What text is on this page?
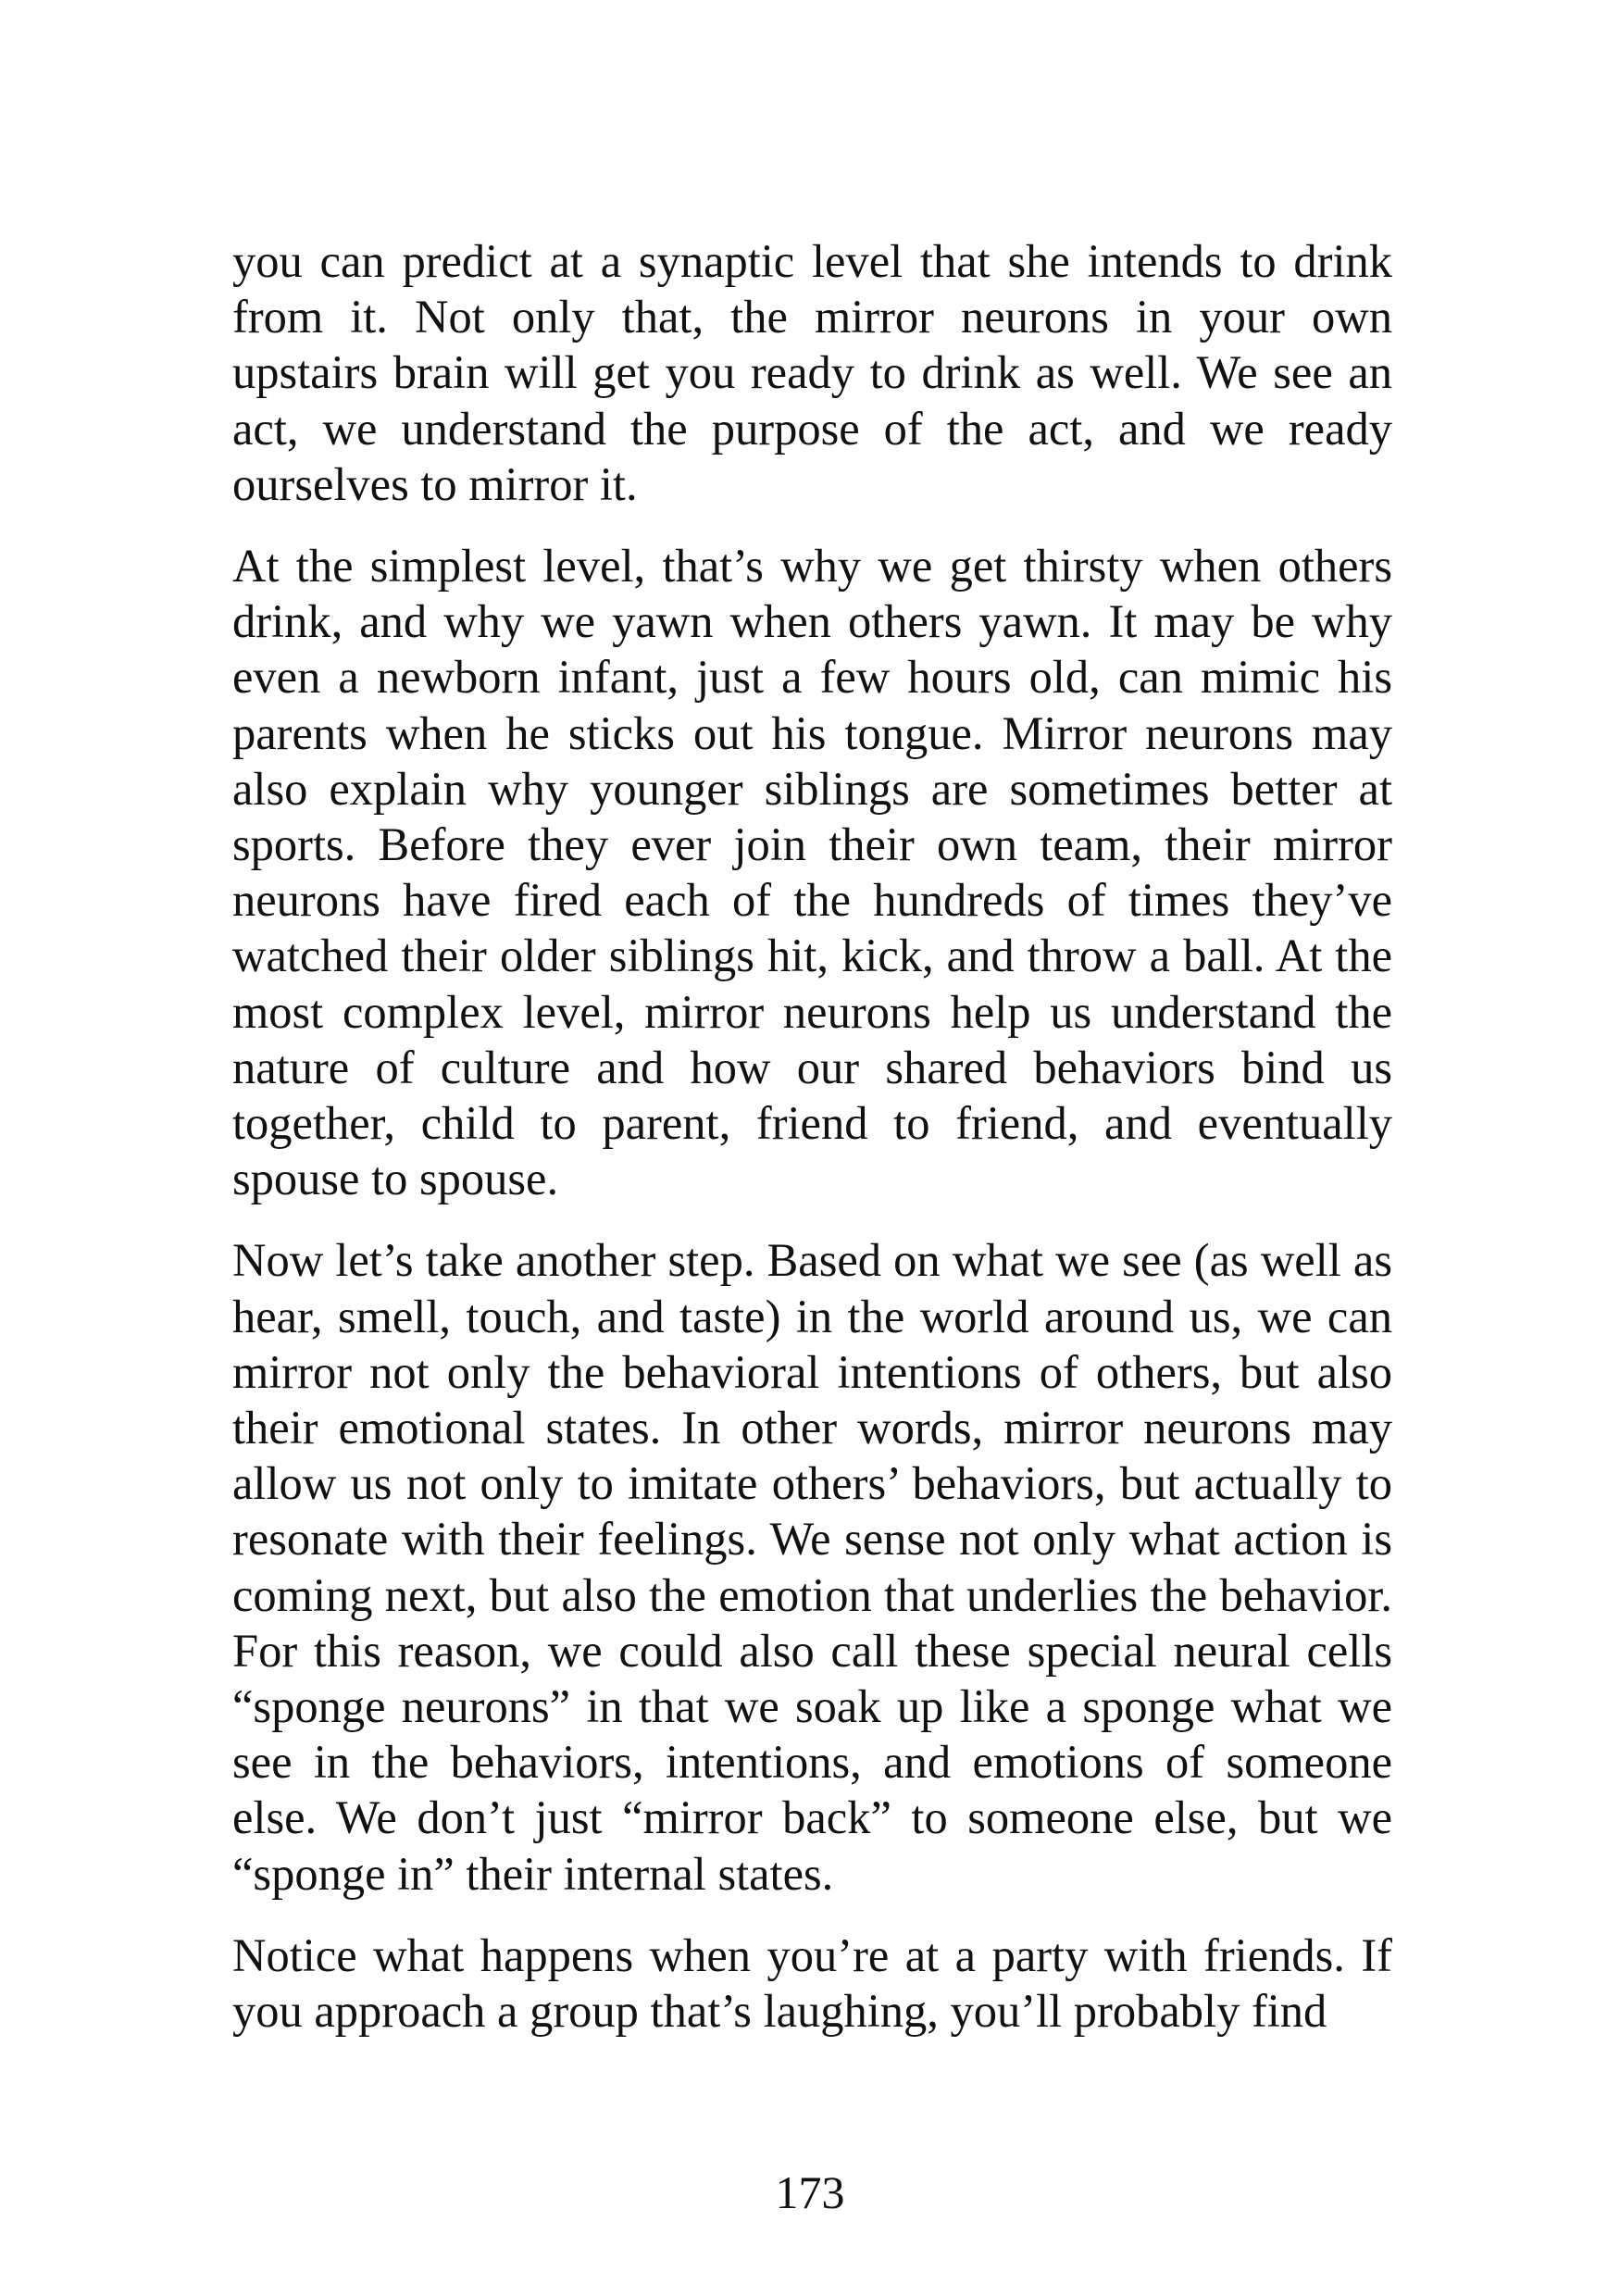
you can predict at a synaptic level that she intends to drink from it. Not only that, the mirror neurons in your own upstairs brain will get you ready to drink as well. We see an act, we understand the purpose of the act, and we ready ourselves to mirror it.

At the simplest level, that’s why we get thirsty when others drink, and why we yawn when others yawn. It may be why even a newborn infant, just a few hours old, can mimic his parents when he sticks out his tongue. Mirror neurons may also explain why younger siblings are sometimes better at sports. Before they ever join their own team, their mirror neurons have fired each of the hundreds of times they’ve watched their older siblings hit, kick, and throw a ball. At the most complex level, mirror neurons help us understand the nature of culture and how our shared behaviors bind us together, child to parent, friend to friend, and eventually spouse to spouse.

Now let’s take another step. Based on what we see (as well as hear, smell, touch, and taste) in the world around us, we can mirror not only the behavioral intentions of others, but also their emotional states. In other words, mirror neurons may allow us not only to imitate others’ behaviors, but actually to resonate with their feelings. We sense not only what action is coming next, but also the emotion that underlies the behavior. For this reason, we could also call these special neural cells “sponge neurons” in that we soak up like a sponge what we see in the behaviors, intentions, and emotions of someone else. We don’t just “mirror back” to someone else, but we “sponge in” their internal states.

Notice what happens when you’re at a party with friends. If you approach a group that’s laughing, you’ll probably find

173
